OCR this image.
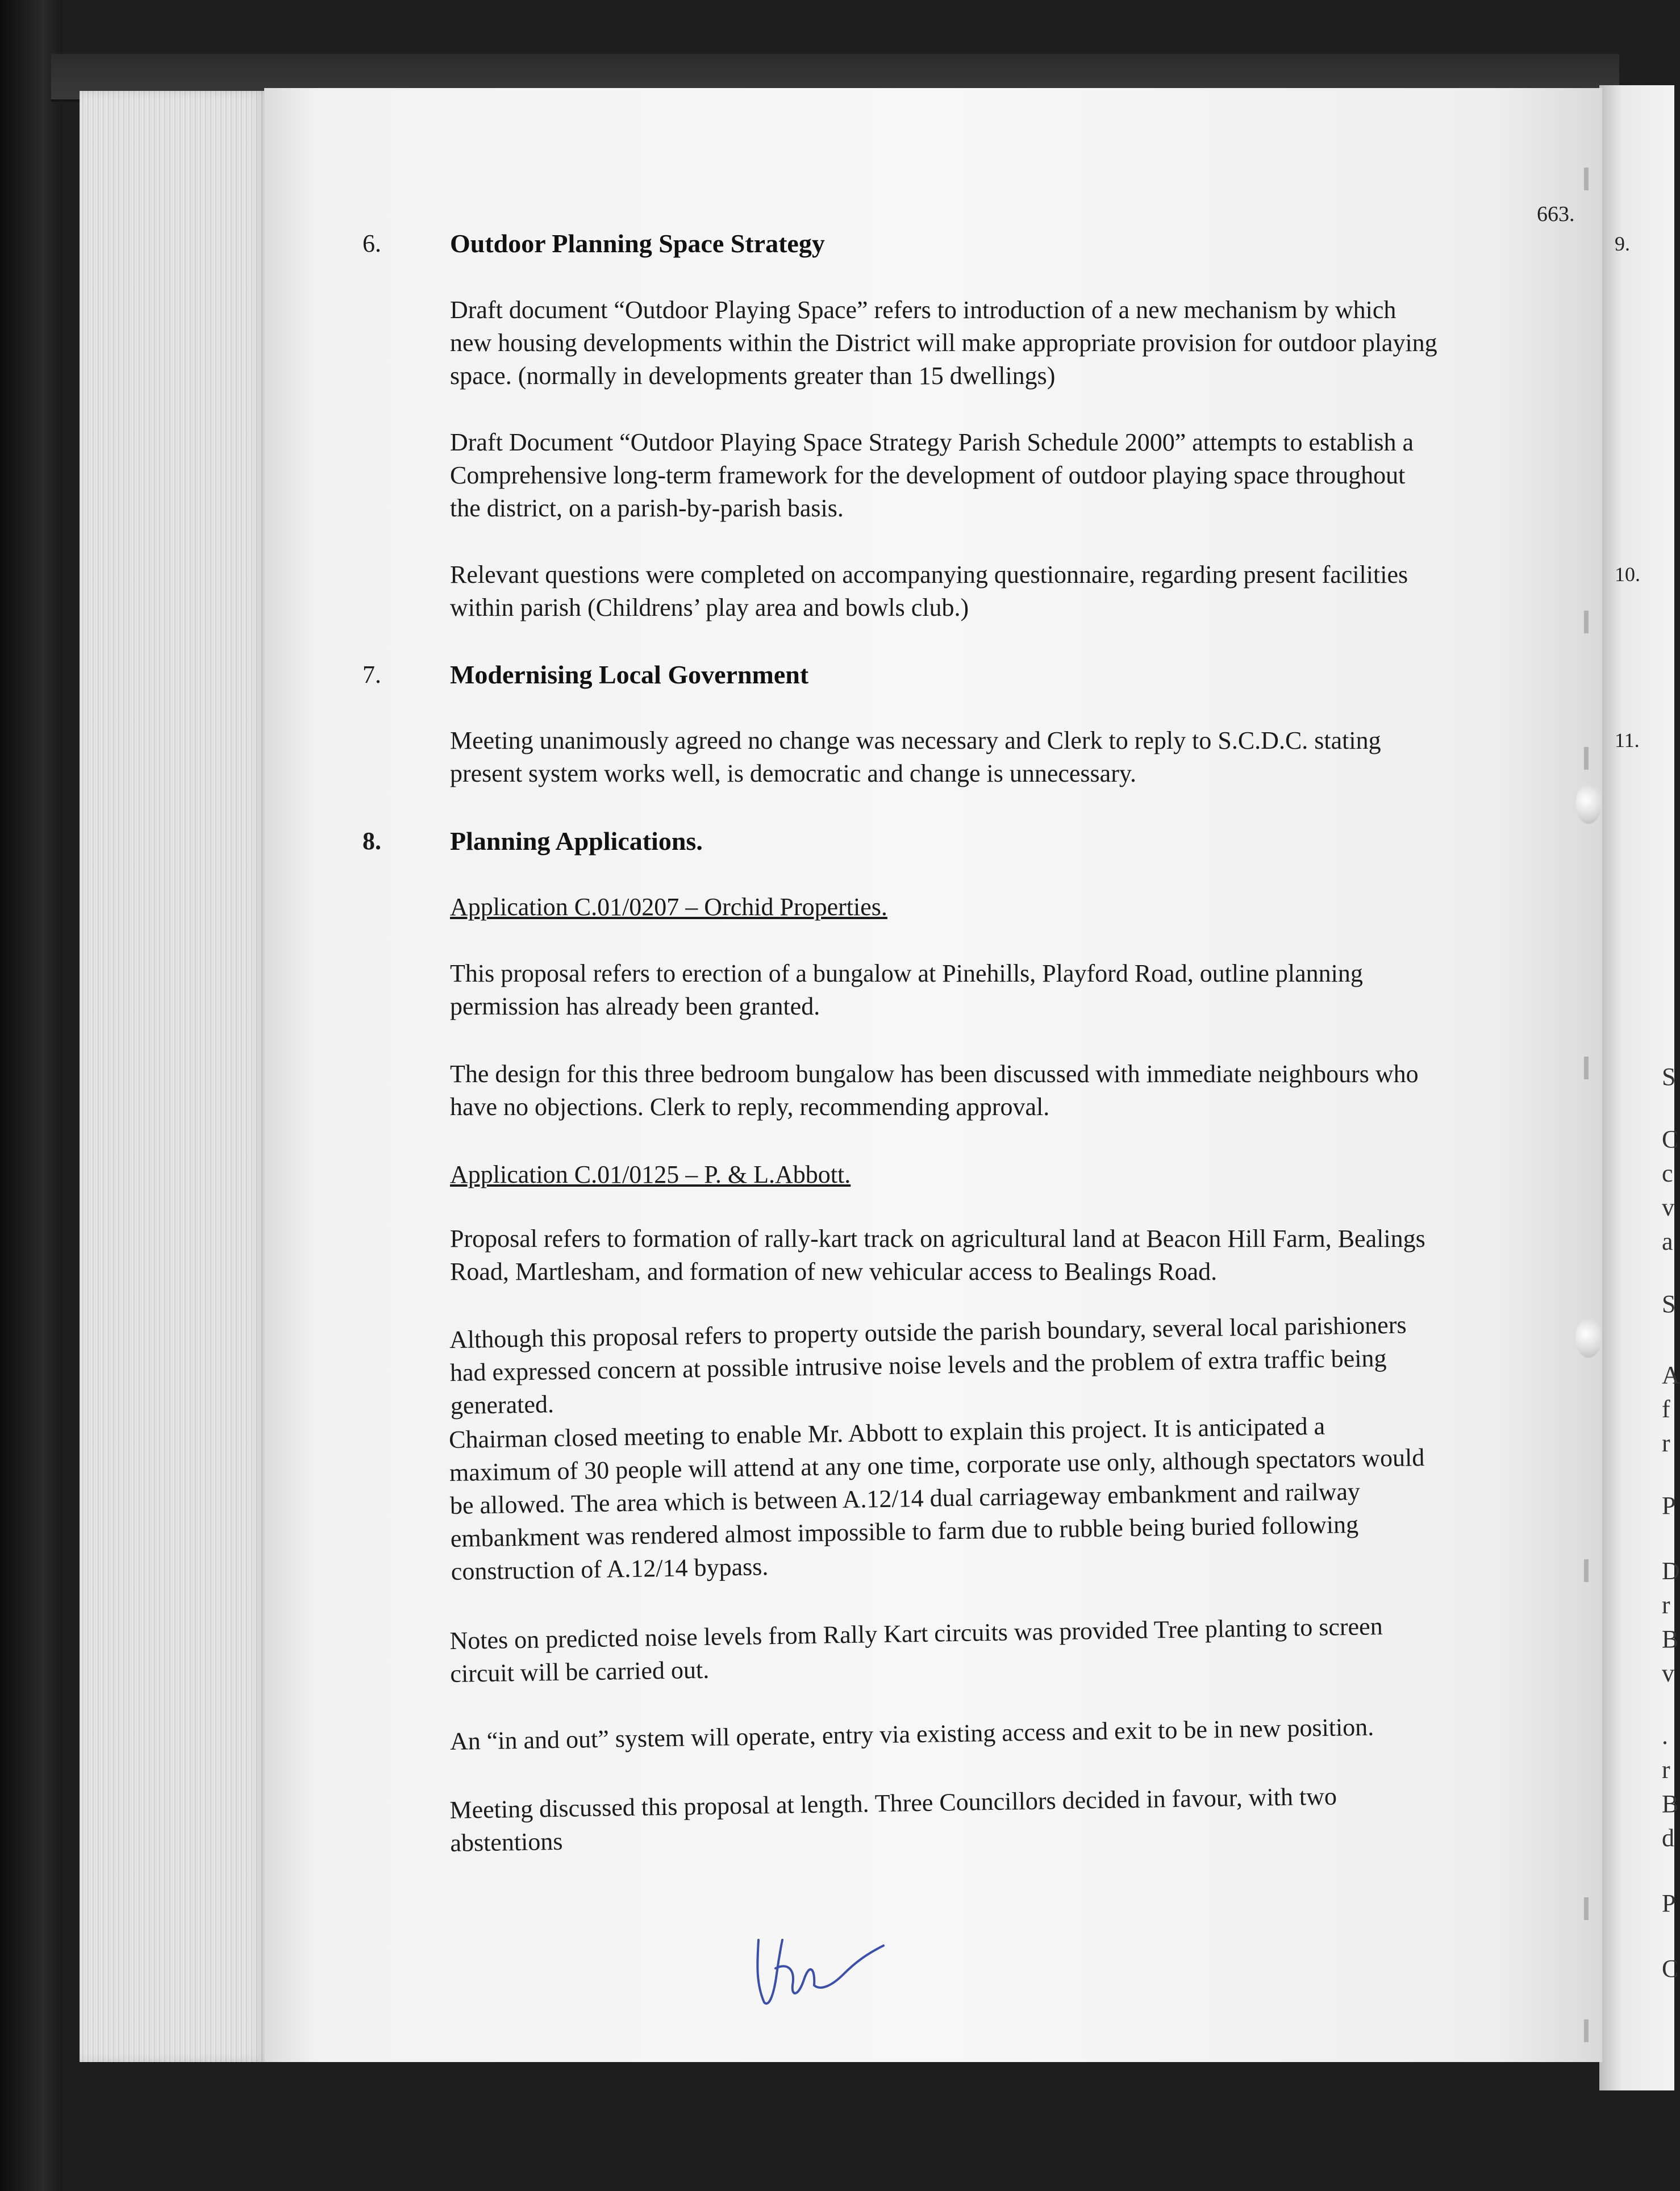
663.
6.	Outdoor Planning Space Strategy
Draft document “Outdoor Playing Space” refers to introduction of a new mechanism by which
new housing developments within the District will make appropriate provision for outdoor playing
space. (normally in developments greater than 15 dwellings)
Draft Document “Outdoor Playing Space Strategy Parish Schedule 2000” attempts to establish a
Comprehensive long-term framework for the development of outdoor playing space throughout
the district, on a parish-by-parish basis.
Relevant questions were completed on accompanying questionnaire, regarding present facilities
within parish (Childrens’ play area and bowls club.)
7.	Modernising Local Government
Meeting unanimously agreed no change was necessary and Clerk to reply to S.C.D.C. stating
present system works well, is democratic and change is unnecessary.
8.	Planning Applications.
Application C.01/0207 – Orchid Properties.
This proposal refers to erection of a bungalow at Pinehills, Playford Road, outline planning
permission has already been granted.
The design for this three bedroom bungalow has been discussed with immediate neighbours who
have no objections. Clerk to reply, recommending approval.
Application C.01/0125 – P. & L.Abbott.
Proposal refers to formation of rally-kart track on agricultural land at Beacon Hill Farm, Bealings
Road, Martlesham, and formation of new vehicular access to Bealings Road.
Although this proposal refers to property outside the parish boundary, several local parishioners
had expressed concern at possible intrusive noise levels and the problem of extra traffic being
generated.
Chairman closed meeting to enable Mr. Abbott to explain this project. It is anticipated a
maximum of 30 people will attend at any one time, corporate use only, although spectators would
be allowed. The area which is between A.12/14 dual carriageway embankment and railway
embankment was rendered almost impossible to farm due to rubble being buried following
construction of A.12/14 bypass.
Notes on predicted noise levels from Rally Kart circuits was provided Tree planting to screen
circuit will be carried out.
An “in and out” system will operate, entry via existing access and exit to be in new position.
Meeting discussed this proposal at length. Three Councillors decided in favour, with two
abstentions
9.
10.
11.
S
C
c
v
a
S
A
f
r
P
D
r
B
v
.
r
B
d
P
C
